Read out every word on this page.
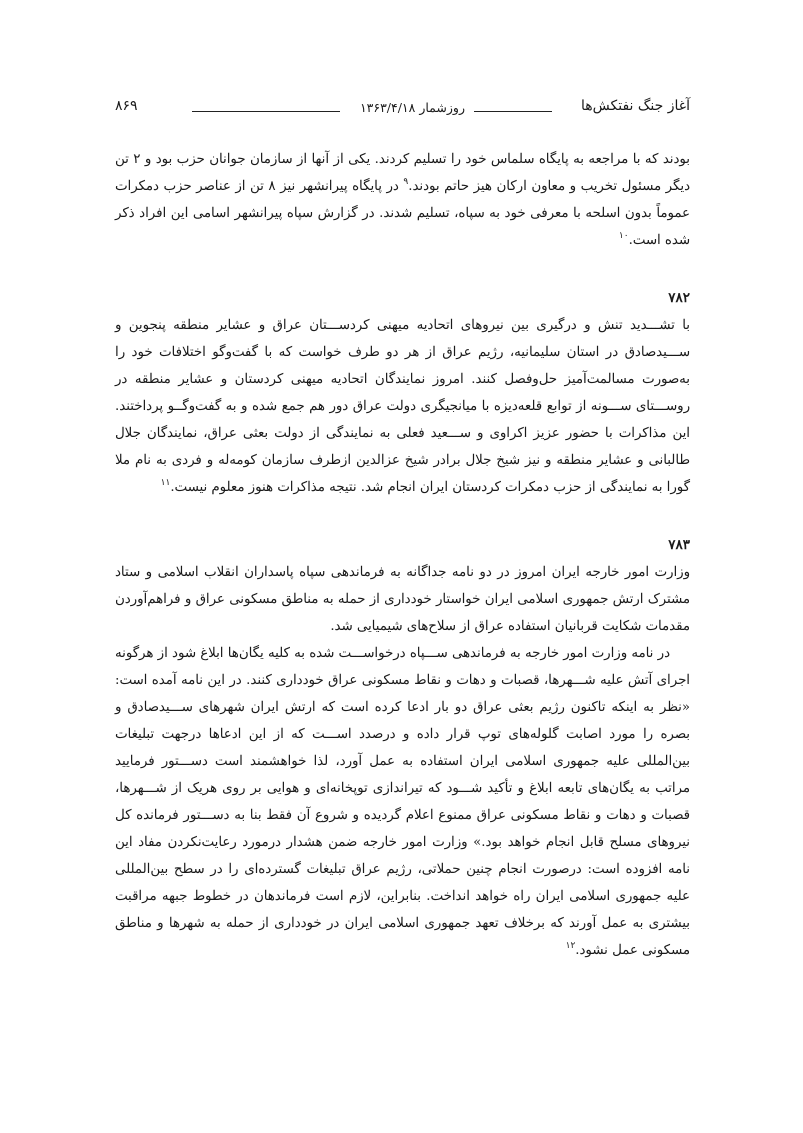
آغاز جنگ نفتکش‌ها
روزشمار ۱۳۶۳/۴/۱۸
۸۶۹

بودند که با مراجعه به پایگاه سلماس خود را تسلیم کردند. یکی از آنها از سازمان جوانان حزب بود و ۲ تن دیگر مسئول تخریب و معاون ارکان هیز حاتم بودند.$^۹$ در پایگاه پیرانشهر نیز ۸ تن از عناصر حزب دمکرات عموماً بدون اسلحه با معرفی خود به سپاه، تسلیم شدند. در گزارش سپاه پیرانشهر اسامی این افراد ذکر شده است.$^{۱۰}$

۷۸۲

با تشـــدید تنش و درگیری بین نیروهای اتحادیه میهنی کردســـتان عراق و عشایر منطقه پنجوین و ســـیدصادق در استان سلیمانیه، رژیم عراق از هر دو طرف خواست که با گفت‌وگو اختلافات خود را به‌صورت مسالمت‌آمیز حل‌وفصل کنند. امروز نمایندگان اتحادیه میهنی کردستان و عشایر منطقه در روســـتای ســـونه از توابع قلعه‌دیزه با میانجیگری دولت عراق دور هم جمع شده و به گفت‌وگــو پرداختند. این مذاکرات با حضور عزیز اکراوی و ســـعید فعلی به نمایندگی از دولت بعثی عراق، نمایندگان جلال طالبانی و عشایر منطقه و نیز شیخ جلال برادر شیخ عزالدین ازطرف سازمان کومه‌له و فردی به نام ملا گورا به نمایندگی از حزب دمکرات کردستان ایران انجام شد. نتیجه مذاکرات هنوز معلوم نیست.$^{۱۱}$

۷۸۳

وزارت امور خارجه ایران امروز در دو نامه جداگانه به فرماندهی سپاه پاسداران انقلاب اسلامی و ستاد مشترک ارتش جمهوری اسلامی ایران خواستار خودداری از حمله به مناطق مسکونی عراق و فراهم‌آوردن مقدمات شکایت قربانیان استفاده عراق از سلاح‌های شیمیایی شد.

در نامه وزارت امور خارجه به فرماندهی ســـپاه درخواســـت شده به کلیه یگان‌ها ابلاغ شود از هرگونه اجرای آتش علیه شـــهرها، قصبات و دهات و نقاط مسکونی عراق خودداری کنند. در این نامه آمده است: «نظر به اینکه تاکنون رژیم بعثی عراق دو بار ادعا کرده است که ارتش ایران شهرهای ســـیدصادق و بصره را مورد اصابت گلوله‌های توپ قرار داده و درصدد اســـت که از این ادعاها درجهت تبلیغات بین‌المللی علیه جمهوری اسلامی ایران استفاده به عمل آورد، لذا خواهشمند است دســـتور فرمایید مراتب به یگان‌های تابعه ابلاغ و تأکید شـــود که تیراندازی توپخانه‌ای و هوایی بر روی هریک از شـــهرها، قصبات و دهات و نقاط مسکونی عراق ممنوع اعلام گردیده و شروع آن فقط بنا به دســـتور فرمانده کل نیروهای مسلح قابل انجام خواهد بود.» وزارت امور خارجه ضمن هشدار درمورد رعایت‌نکردن مفاد این نامه افزوده است: درصورت انجام چنین حملاتی، رژیم عراق تبلیغات گسترده‌ای را در سطح بین‌المللی علیه جمهوری اسلامی ایران راه خواهد انداخت. بنابراین، لازم است فرماندهان در خطوط جبهه مراقبت بیشتری به عمل آورند که برخلاف تعهد جمهوری اسلامی ایران در خودداری از حمله به شهرها و مناطق مسکونی عمل نشود.$^{۱۲}$
